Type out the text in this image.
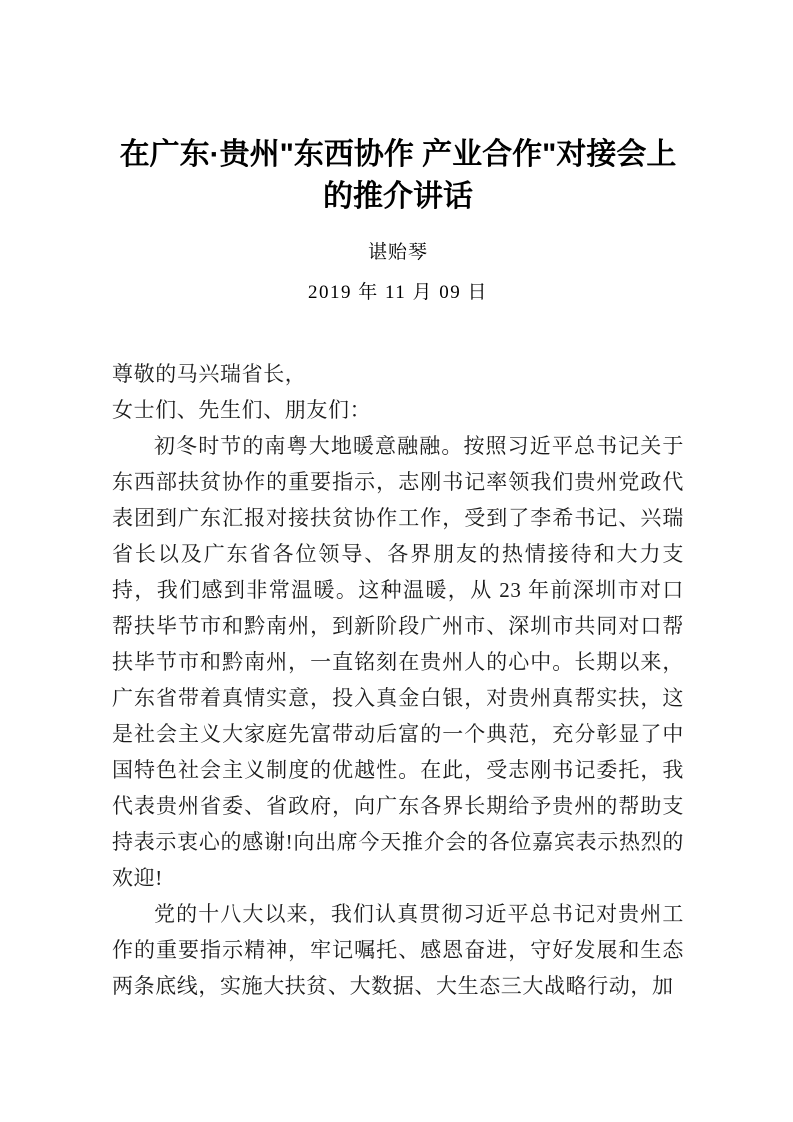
在广东·贵州"东西协作 产业合作"对接会上的推介讲话

谌贻琴

2019 年 11 月 09 日

尊敬的马兴瑞省长，

女士们、先生们、朋友们：

初冬时节的南粤大地暖意融融。按照习近平总书记关于东西部扶贫协作的重要指示，志刚书记率领我们贵州党政代表团到广东汇报对接扶贫协作工作，受到了李希书记、兴瑞省长以及广东省各位领导、各界朋友的热情接待和大力支持，我们感到非常温暖。这种温暖，从 23 年前深圳市对口帮扶毕节市和黔南州，到新阶段广州市、深圳市共同对口帮扶毕节市和黔南州，一直铭刻在贵州人的心中。长期以来，广东省带着真情实意，投入真金白银，对贵州真帮实扶，这是社会主义大家庭先富带动后富的一个典范，充分彰显了中国特色社会主义制度的优越性。在此，受志刚书记委托，我代表贵州省委、省政府，向广东各界长期给予贵州的帮助支持表示衷心的感谢!向出席今天推介会的各位嘉宾表示热烈的欢迎!

党的十八大以来，我们认真贯彻习近平总书记对贵州工作的重要指示精神，牢记嘱托、感恩奋进，守好发展和生态两条底线，实施大扶贫、大数据、大生态三大战略行动，加
